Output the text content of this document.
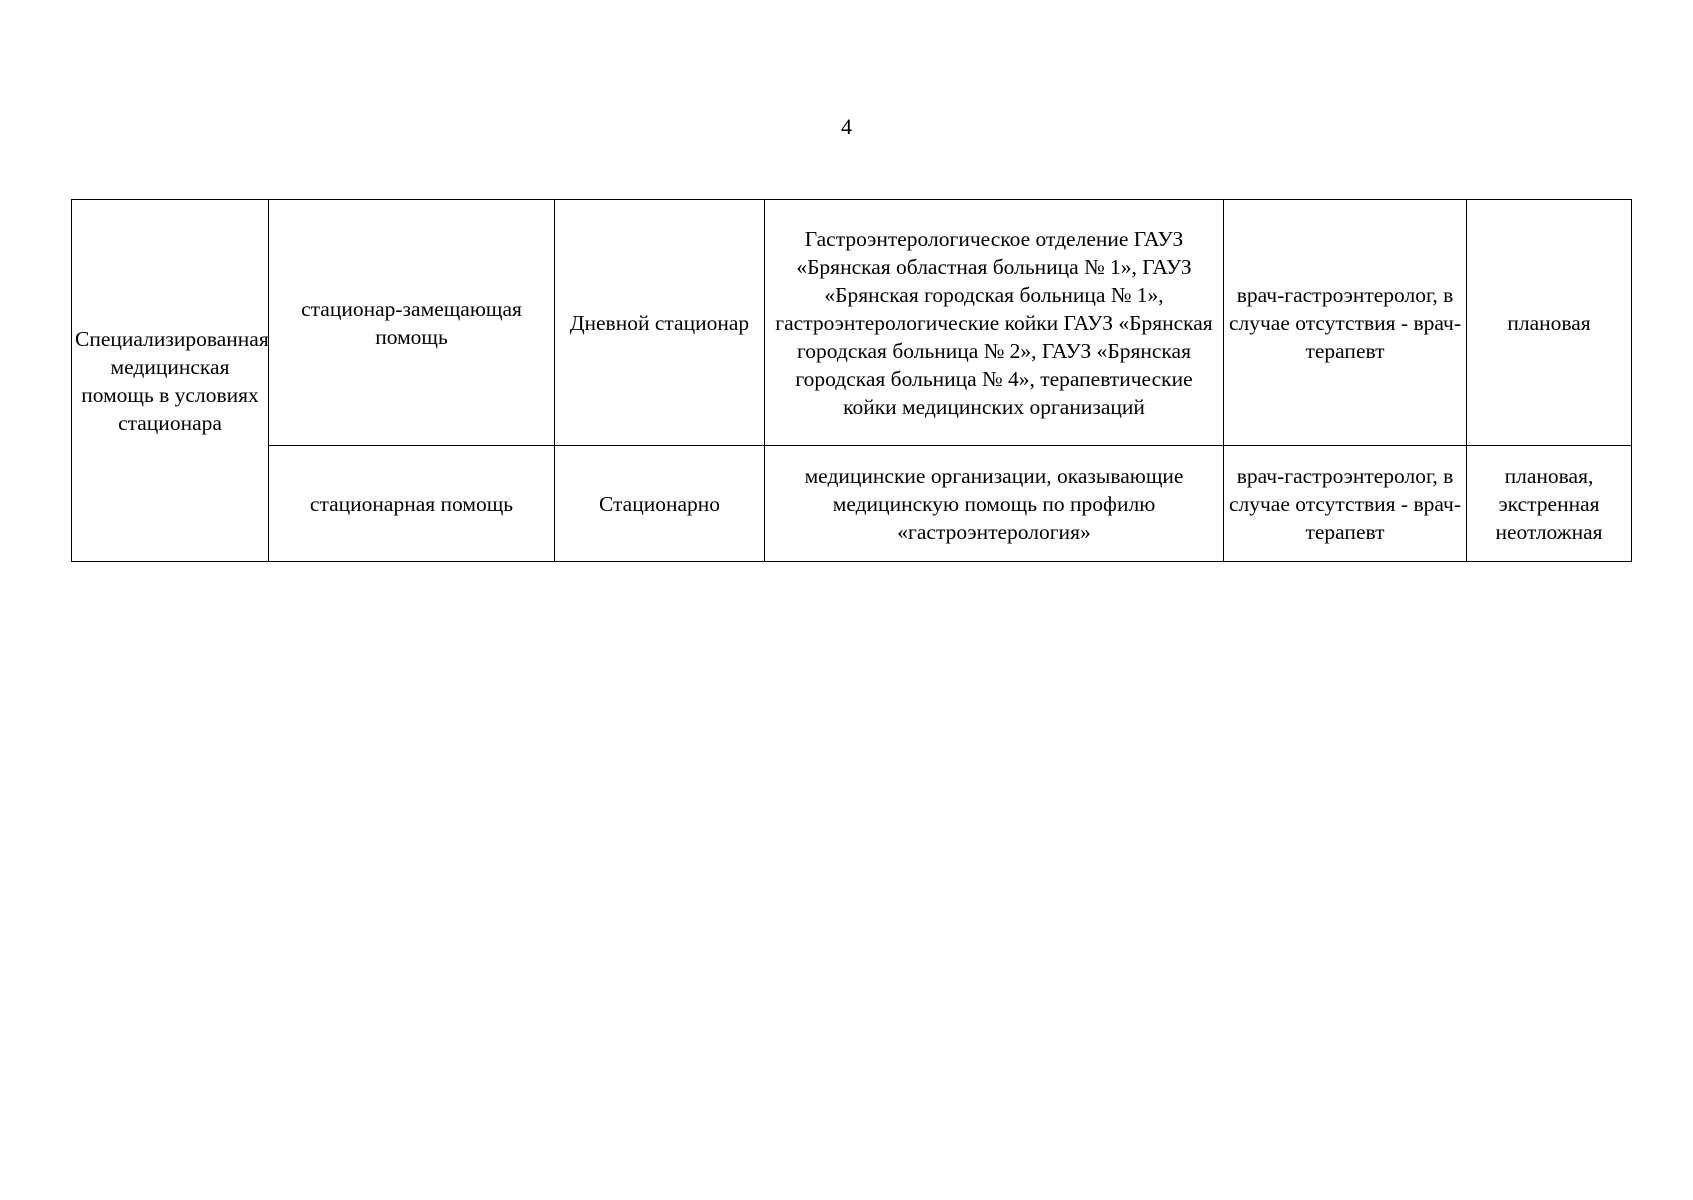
4
Специализированная медицинская помощь в условиях стационара	стационар-замещающая помощь	Дневной стационар	Гастроэнтерологическое отделение ГАУЗ «Брянская областная больница № 1», ГАУЗ «Брянская городская больница № 1», гастроэнтерологические койки ГАУЗ «Брянская городская больница № 2», ГАУЗ «Брянская городская больница № 4», терапевтические койки медицинских организаций	врач-гастроэнтеролог, в случае отсутствия - врач-терапевт	плановая

	стационарная помощь	Стационарно	медицинские организации, оказывающие медицинскую помощь по профилю «гастроэнтерология»	врач-гастроэнтеролог, в случае отсутствия - врач-терапевт	плановая, экстренная неотложная
